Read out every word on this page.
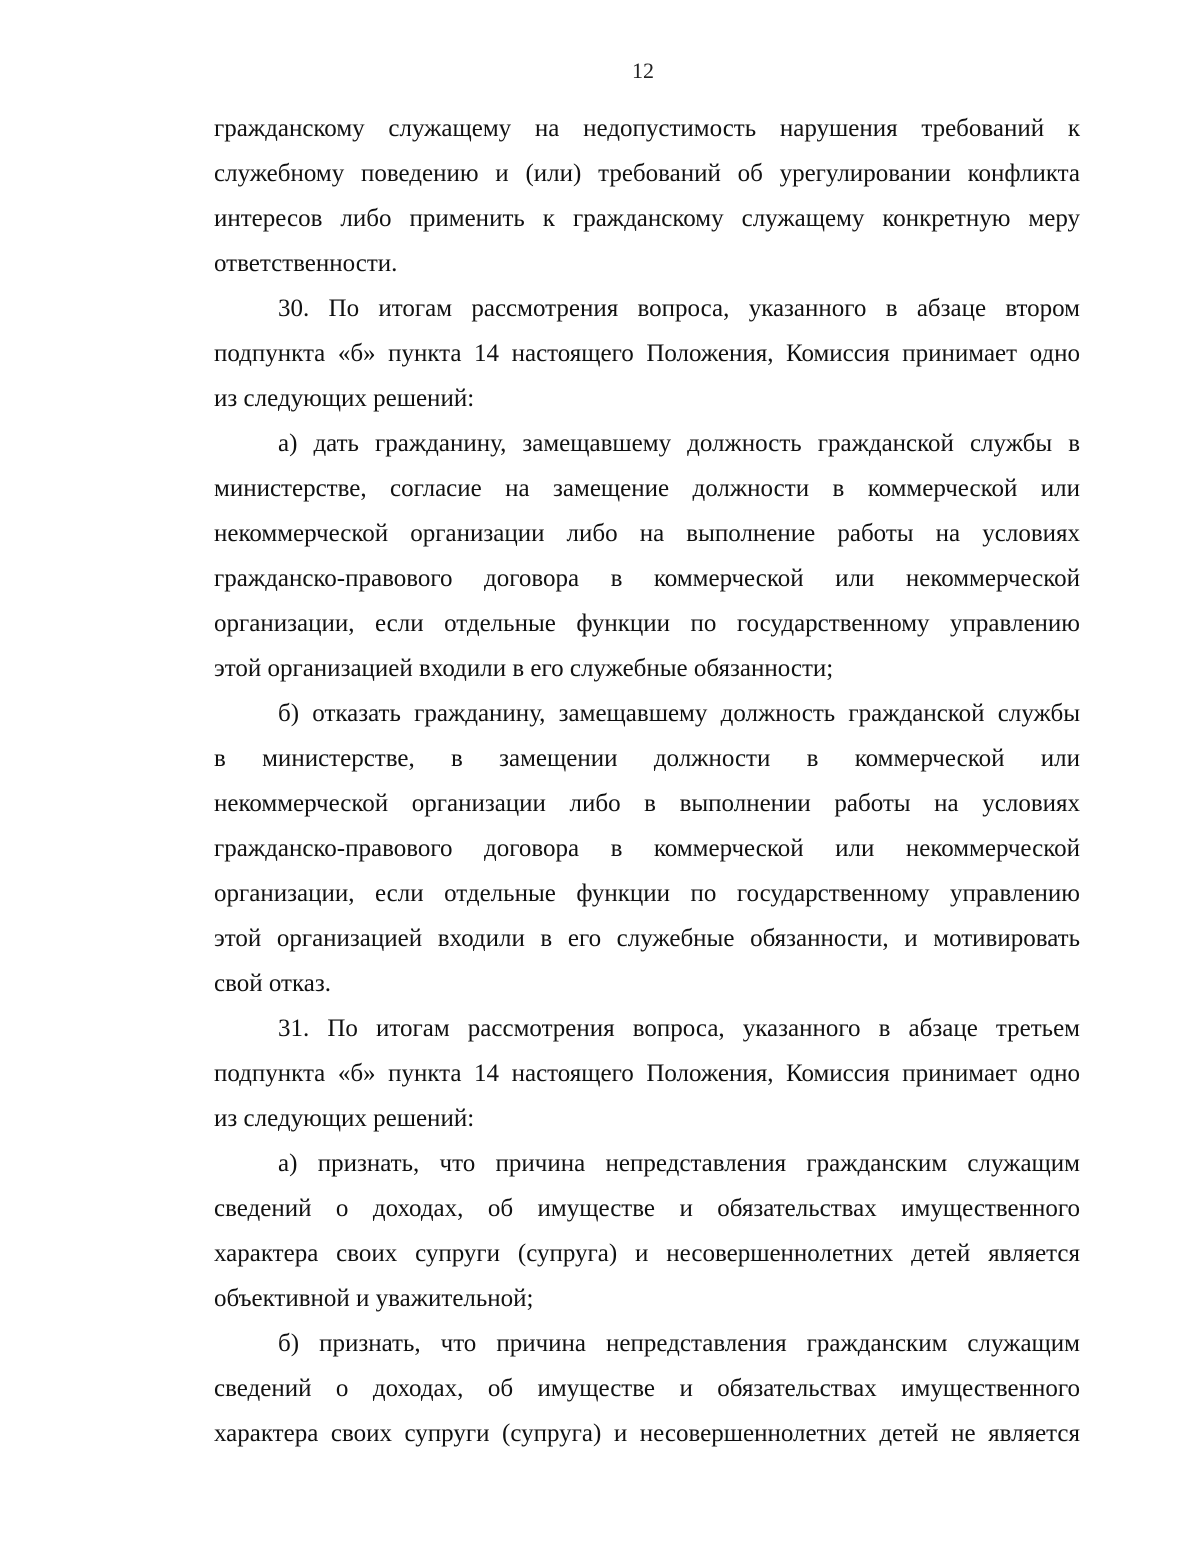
12
гражданскому служащему на недопустимость нарушения требований к
служебному поведению и (или) требований об урегулировании конфликта
интересов либо применить к гражданскому служащему конкретную меру
ответственности.
30. По итогам рассмотрения вопроса, указанного в абзаце втором
подпункта «б» пункта 14 настоящего Положения, Комиссия принимает одно
из следующих решений:
а) дать гражданину, замещавшему должность гражданской службы в
министерстве, согласие на замещение должности в коммерческой или
некоммерческой организации либо на выполнение работы на условиях
гражданско-правового договора в коммерческой или некоммерческой
организации, если отдельные функции по государственному управлению
этой организацией входили в его служебные обязанности;
б) отказать гражданину, замещавшему должность гражданской службы
в министерстве, в замещении должности в коммерческой или
некоммерческой организации либо в выполнении работы на условиях
гражданско-правового договора в коммерческой или некоммерческой
организации, если отдельные функции по государственному управлению
этой организацией входили в его служебные обязанности, и мотивировать
свой отказ.
31. По итогам рассмотрения вопроса, указанного в абзаце третьем
подпункта «б» пункта 14 настоящего Положения, Комиссия принимает одно
из следующих решений:
а) признать, что причина непредставления гражданским служащим
сведений о доходах, об имуществе и обязательствах имущественного
характера своих супруги (супруга) и несовершеннолетних детей является
объективной и уважительной;
б) признать, что причина непредставления гражданским служащим
сведений о доходах, об имуществе и обязательствах имущественного
характера своих супруги (супруга) и несовершеннолетних детей не является
